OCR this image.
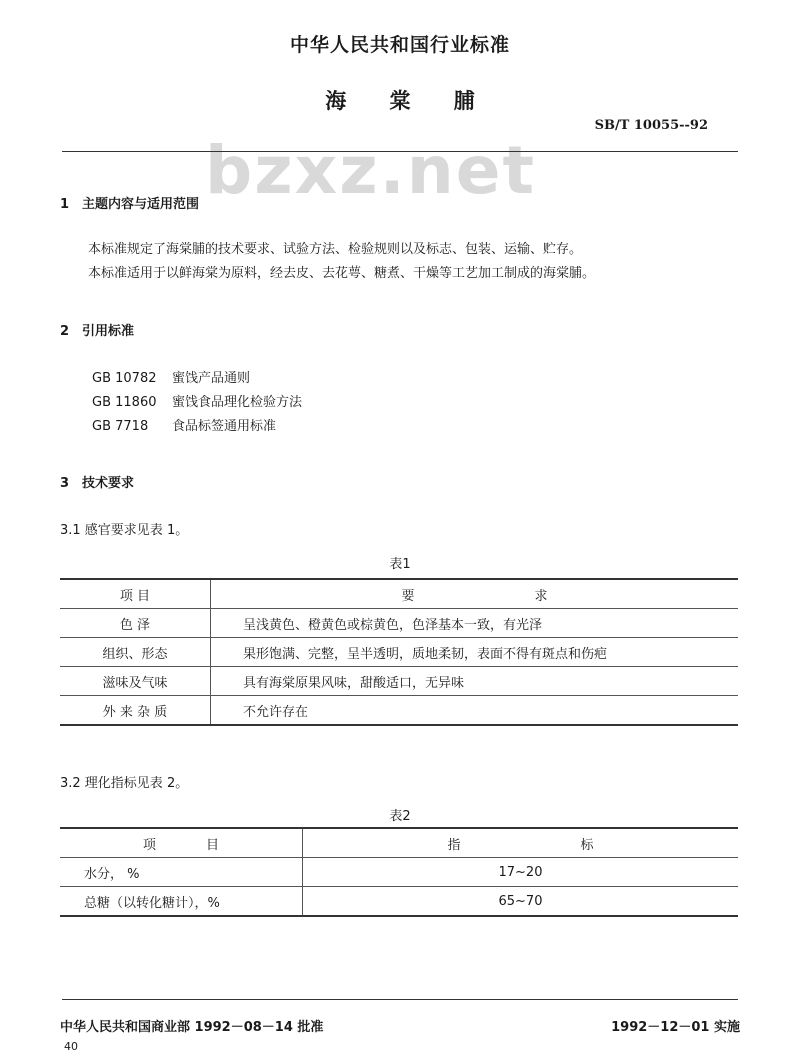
中华人民共和国行业标准
海 棠 脯
SB/T 10055--92
bzxz.net
1 主题内容与适用范围
本标准规定了海棠脯的技术要求、试验方法、检验规则以及标志、包装、运输、贮存。
本标准适用于以鲜海棠为原料，经去皮、去花萼、糖煮、干燥等工艺加工制成的海棠脯。
2 引用标准
GB 10782 蜜饯产品通则
GB 11860 蜜饯食品理化检验方法
GB 7718 食品标签通用标准
3 技术要求
3.1 感官要求见表 1。
表1
项 目	要求
色 泽	呈浅黄色、橙黄色或棕黄色，色泽基本一致，有光泽
组织、形态	果形饱满、完整，呈半透明，质地柔韧，表面不得有斑点和伤疤
滋味及气味	具有海棠原果风味，甜酸适口，无异味
外 来 杂 质	不允许存在
3.2 理化指标见表 2。
表2
项目	指标
水分， %	17~20
总糖（以转化糖计），%	65~70
中华人民共和国商业部 1992－08－14 批准	1992－12－01 实施
40
